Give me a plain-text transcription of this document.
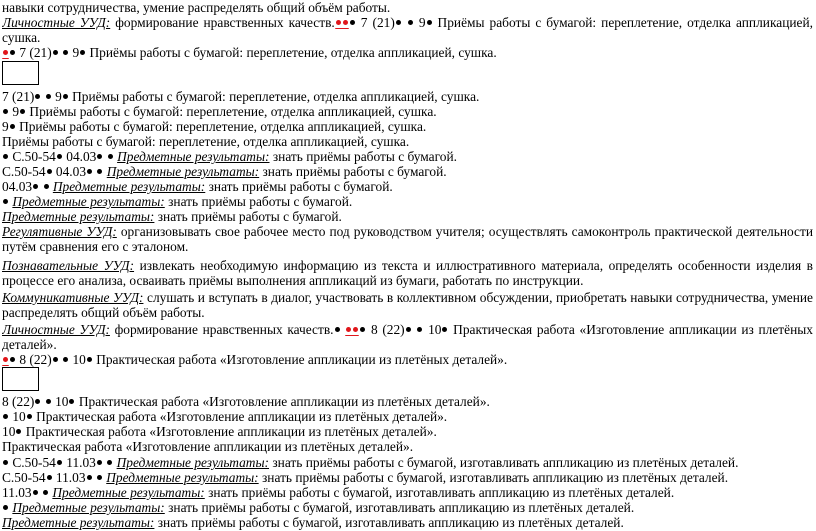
навыки сотрудничества, умение распределять общий объём работы.
Личностные УУД: формирование нравственных качеств. 7 (21) 9 Приёмы работы с бумагой: переплетение, отделка аппликацией,
сушка.
7 (21) 9 Приёмы работы с бумагой: переплетение, отделка аппликацией, сушка.
7 (21) 9 Приёмы работы с бумагой: переплетение, отделка аппликацией, сушка.
9 Приёмы работы с бумагой: переплетение, отделка аппликацией, сушка.
9 Приёмы работы с бумагой: переплетение, отделка аппликацией, сушка.
Приёмы работы с бумагой: переплетение, отделка аппликацией, сушка.
С.50-54 04.03 Предметные результаты: знать приёмы работы с бумагой.
С.50-54 04.03 Предметные результаты: знать приёмы работы с бумагой.
04.03 Предметные результаты: знать приёмы работы с бумагой.
Предметные результаты: знать приёмы работы с бумагой.
Предметные результаты: знать приёмы работы с бумагой.
Регулятивные УУД: организовывать свое рабочее место под руководством учителя; осуществлять самоконтроль практической деятельности
путём сравнения его с эталоном.
Познавательные УУД: извлекать необходимую информацию из текста и иллюстративного материала, определять особенности изделия в
процессе его анализа, осваивать приёмы выполнения аппликаций из бумаги, работать по инструкции.
Коммуникативные УУД: слушать и вступать в диалог, участвовать в коллективном обсуждении, приобретать навыки сотрудничества, умение
распределять общий объём работы.
Личностные УУД: формирование нравственных качеств.	8 (22) 10 Практическая работа «Изготовление аппликации из плетёных
деталей».
8 (22) 10 Практическая работа «Изготовление аппликации из плетёных деталей».
8 (22) 10 Практическая работа «Изготовление аппликации из плетёных деталей».
10 Практическая работа «Изготовление аппликации из плетёных деталей».
10 Практическая работа «Изготовление аппликации из плетёных деталей».
Практическая работа «Изготовление аппликации из плетёных деталей».
С.50-54 11.03 Предметные результаты: знать приёмы работы с бумагой, изготавливать аппликацию из плетёных деталей.
С.50-54 11.03 Предметные результаты: знать приёмы работы с бумагой, изготавливать аппликацию из плетёных деталей.
11.03 Предметные результаты: знать приёмы работы с бумагой, изготавливать аппликацию из плетёных деталей.
Предметные результаты: знать приёмы работы с бумагой, изготавливать аппликацию из плетёных деталей.
Предметные результаты: знать приёмы работы с бумагой, изготавливать аппликацию из плетёных деталей.
